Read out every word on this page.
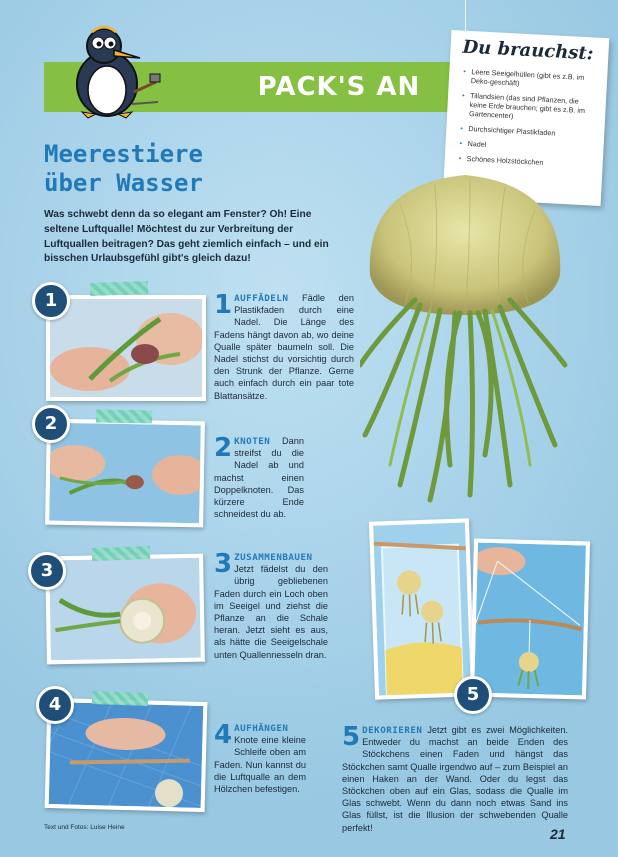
PACK'S AN
Du brauchst:
• Leere Seeigelhüllen (gibt es z.B. im Deko-geschäft)
• Tillandsien (das sind Pflanzen, die keine Erde brauchen; gibt es z.B. im Gartencenter)
• Durchsichtiger Plastikfaden
• Nadel
• Schönes Holzstöckchen
Meerestiere
über Wasser
Was schwebt denn da so elegant am Fenster? Oh! Eine seltene Luftqualle! Möchtest du zur Verbreitung der Luftquallen beitragen? Das geht ziemlich einfach – und ein bisschen Urlaubsgefühl gibt's gleich dazu!
1	1 AUFFÄDELN Fädle den Plastikfaden durch eine Nadel. Die Länge des Fadens hängt davon ab, wo deine Qualle später baumeln soll. Die Nadel stichst du vorsichtig durch den Strunk der Pflanze. Gerne auch einfach durch ein paar tote Blattansätze.
2
2 KNOTEN Dann streifst du die Nadel ab und machst einen Doppelknoten. Das kürzere Ende schneidest du ab.
3	3 ZUSAMMENBAUEN Jetzt fädelst du den übrig gebliebenen Faden durch ein Loch oben im Seeigel und ziehst die Pflanze an die Schale heran. Jetzt sieht es aus, als hätte die Seeigelschale unten Quallennesseln dran.
4
4 AUFHÄNGEN Knote eine kleine Schleife oben am Faden. Nun kannst du die Luftqualle an dem Hölzchen befestigen.
5
5 DEKORIEREN Jetzt gibt es zwei Möglichkeiten. Entweder du machst an beide Enden des Stöckchens einen Faden und hängst das Stöckchen samt Qualle irgendwo auf – zum Beispiel an einen Haken an der Wand. Oder du legst das Stöckchen oben auf ein Glas, sodass die Qualle im Glas schwebt. Wenn du dann noch etwas Sand ins Glas füllst, ist die Illusion der schwebenden Qualle perfekt!
Text und Fotos: Luise Heine	21
